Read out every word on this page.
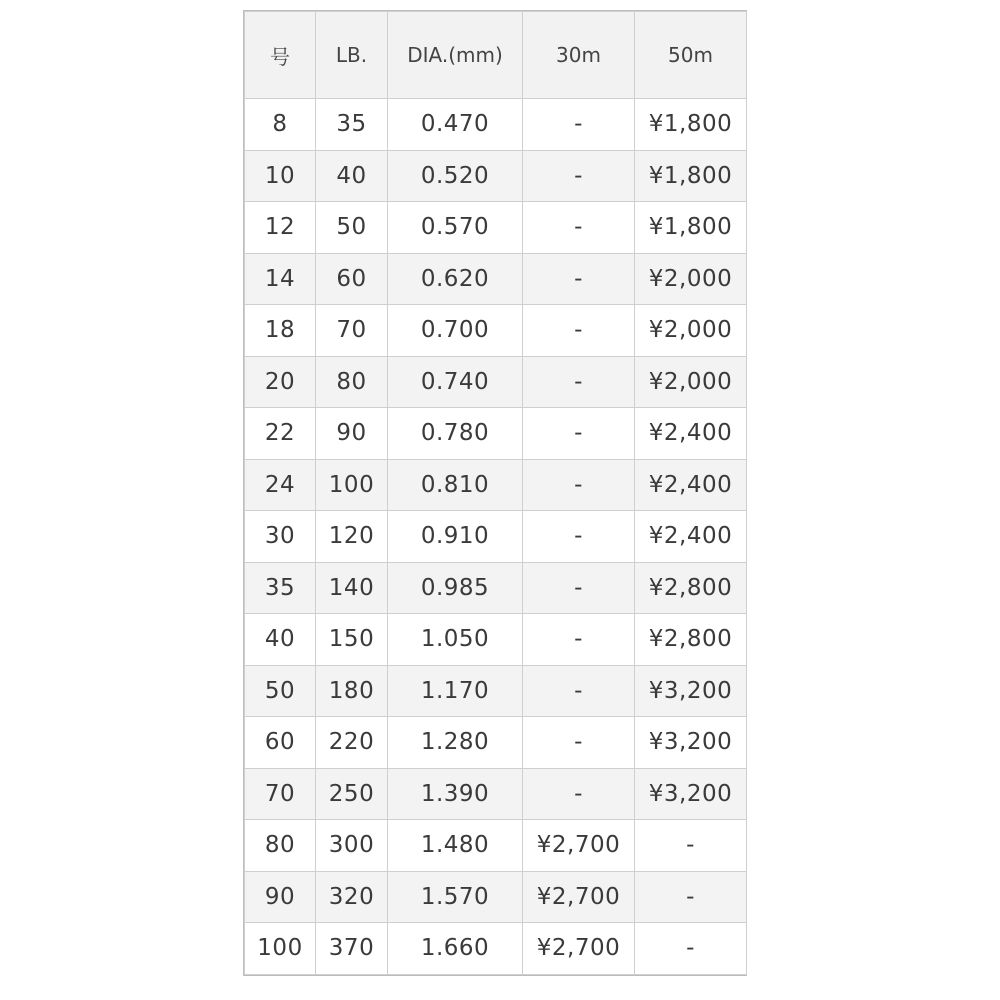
号	LB.	DIA.(mm)	30m	50m
8	35	0.470	-	¥1,800
10	40	0.520	-	¥1,800
12	50	0.570	-	¥1,800
14	60	0.620	-	¥2,000
18	70	0.700	-	¥2,000
20	80	0.740	-	¥2,000
22	90	0.780	-	¥2,400
24	100	0.810	-	¥2,400
30	120	0.910	-	¥2,400
35	140	0.985	-	¥2,800
40	150	1.050	-	¥2,800
50	180	1.170	-	¥3,200
60	220	1.280	-	¥3,200
70	250	1.390	-	¥3,200
80	300	1.480	¥2,700	-
90	320	1.570	¥2,700	-
100	370	1.660	¥2,700	-
